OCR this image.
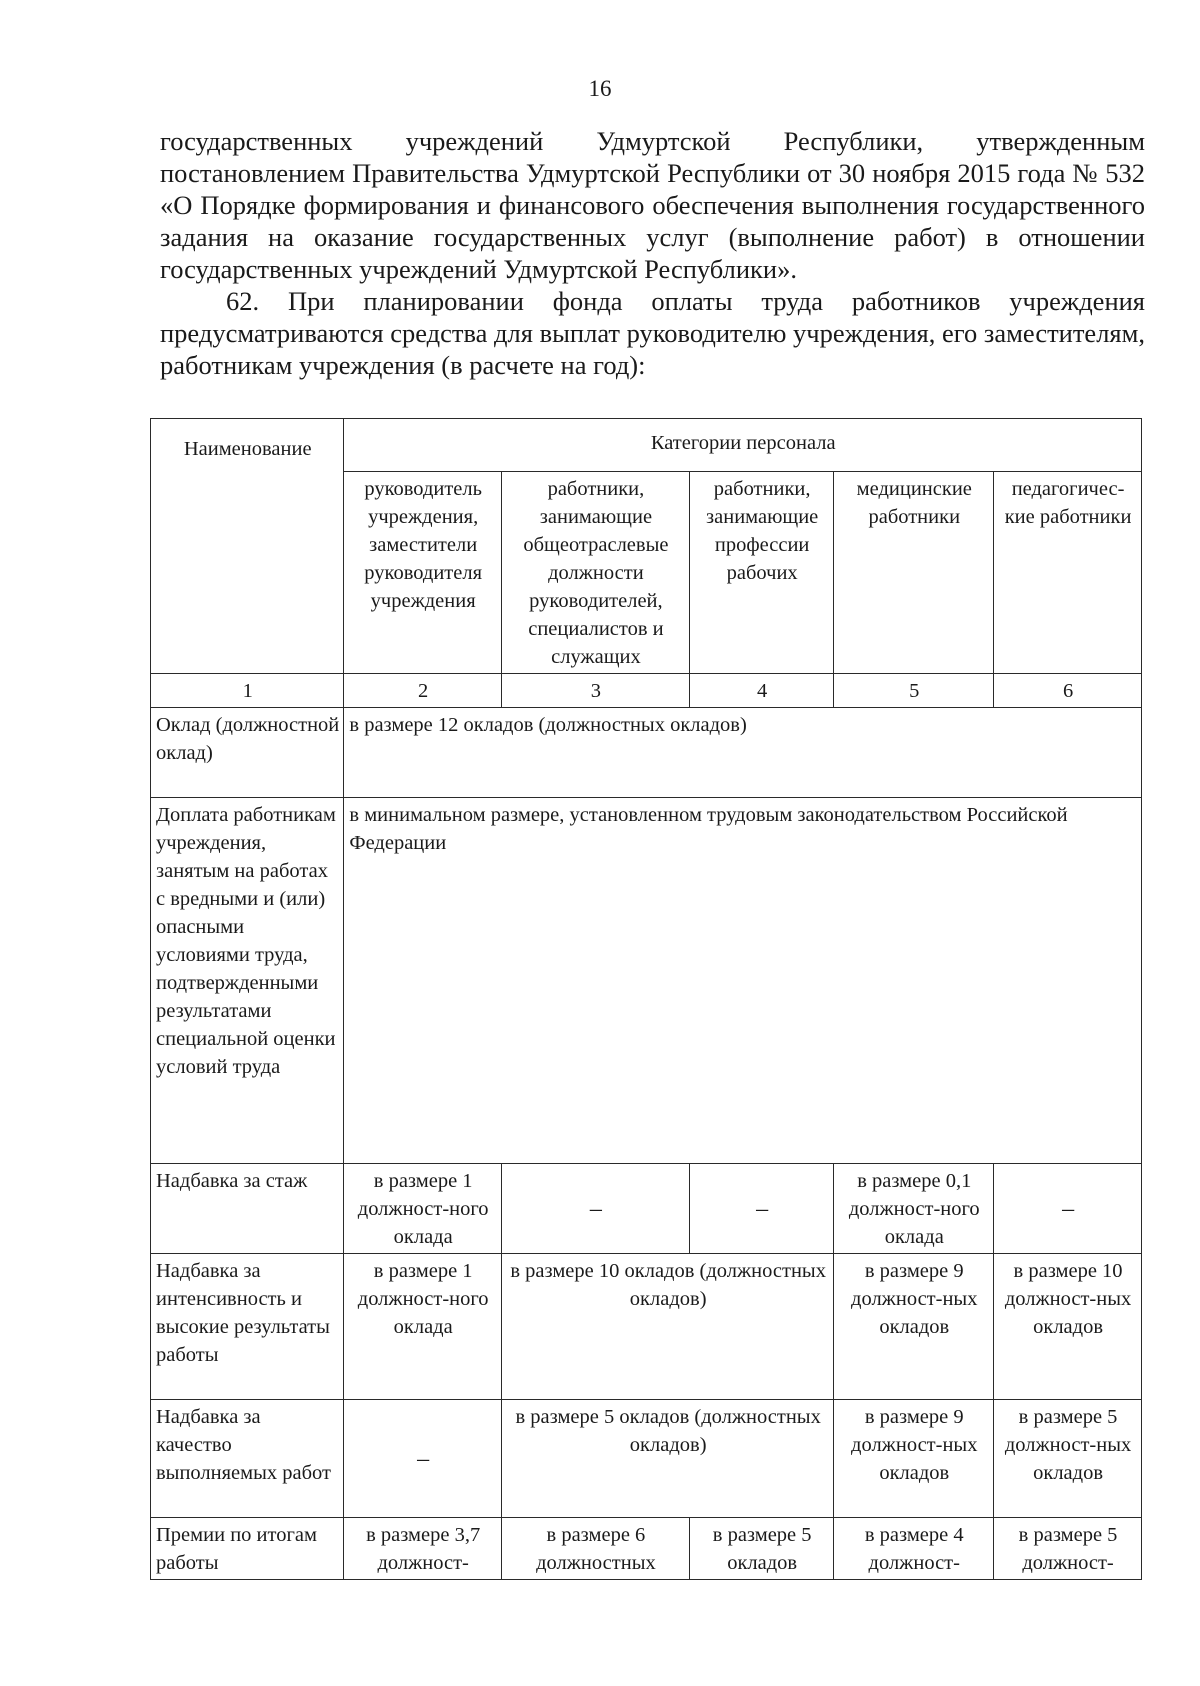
16

государственных учреждений Удмуртской Республики, утвержденным постановлением Правительства Удмуртской Республики от 30 ноября 2015 года № 532 «О Порядке формирования и финансового обеспечения выполнения государственного задания на оказание государственных услуг (выполнение работ) в отношении государственных учреждений Удмуртской Республики».

62. При планировании фонда оплаты труда работников учреждения предусматриваются средства для выплат руководителю учреждения, его заместителям, работникам учреждения (в расчете на год):

Наименование	Категории персонала				
	руководитель учреждения, заместители руководителя учреждения	работники, занимающие общеотраслевые должности руководителей, специалистов и служащих	работники, занимающие профессии рабочих	медицинские работники	педагогичес-кие работники
1	2	3	4	5	6
Оклад (должностной оклад)	в размере 12 окладов (должностных окладов)				
Доплата работникам учреждения, занятым на работах с вредными и (или) опасными условиями труда, подтвержденными результатами специальной оценки условий труда	в минимальном размере, установленном трудовым законодательством Российской Федерации				
Надбавка за стаж	в размере 1 должност-ного оклада	–	–	в размере 0,1 должност-ного оклада	–
Надбавка за интенсивность и высокие результаты работы	в размере 1 должност-ного оклада	в размере 10 окладов (должностных окладов)		в размере 9 должност-ных окладов	в размере 10 должност-ных окладов
Надбавка за качество выполняемых работ	–	в размере 5 окладов (должностных окладов)		в размере 9 должност-ных окладов	в размере 5 должност-ных окладов
Премии по итогам работы	в размере 3,7 должност-	в размере 6 должностных	в размере 5 окладов	в размере 4 должност-	в размере 5 должност-
